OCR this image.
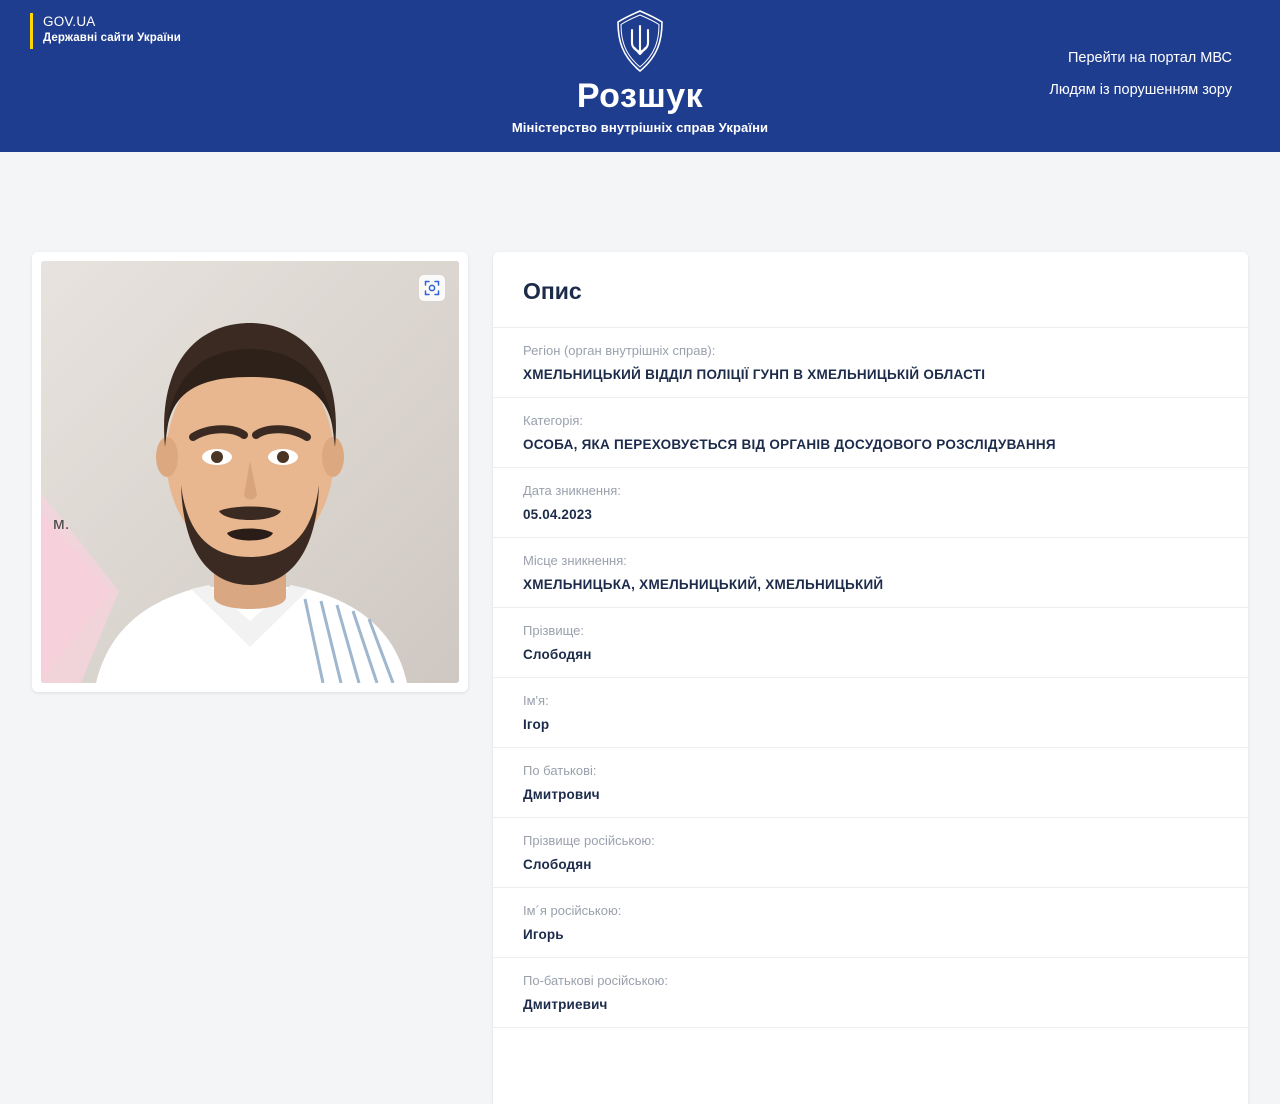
GOV.UA
Державні сайти України
Розшук
Міністерство внутрішніх справ України
Перейти на портал МВС
Людям із порушенням зору
м.
Опис
Регіон (орган внутрішніх справ):
ХМЕЛЬНИЦЬКИЙ ВІДДІЛ ПОЛІЦІЇ ГУНП В ХМЕЛЬНИЦЬКІЙ ОБЛАСТІ
Категорія:
ОСОБА, ЯКА ПЕРЕХОВУЄТЬСЯ ВІД ОРГАНІВ ДОСУДОВОГО РОЗСЛІДУВАННЯ
Дата зникнення:
05.04.2023
Місце зникнення:
ХМЕЛЬНИЦЬКА, ХМЕЛЬНИЦЬКИЙ, ХМЕЛЬНИЦЬКИЙ
Прізвище:
Слободян
Ім'я:
Ігор
По батькові:
Дмитрович
Прізвище російською:
Слободян
Ім´я російською:
Игорь
По-батькові російською:
Дмитриевич
